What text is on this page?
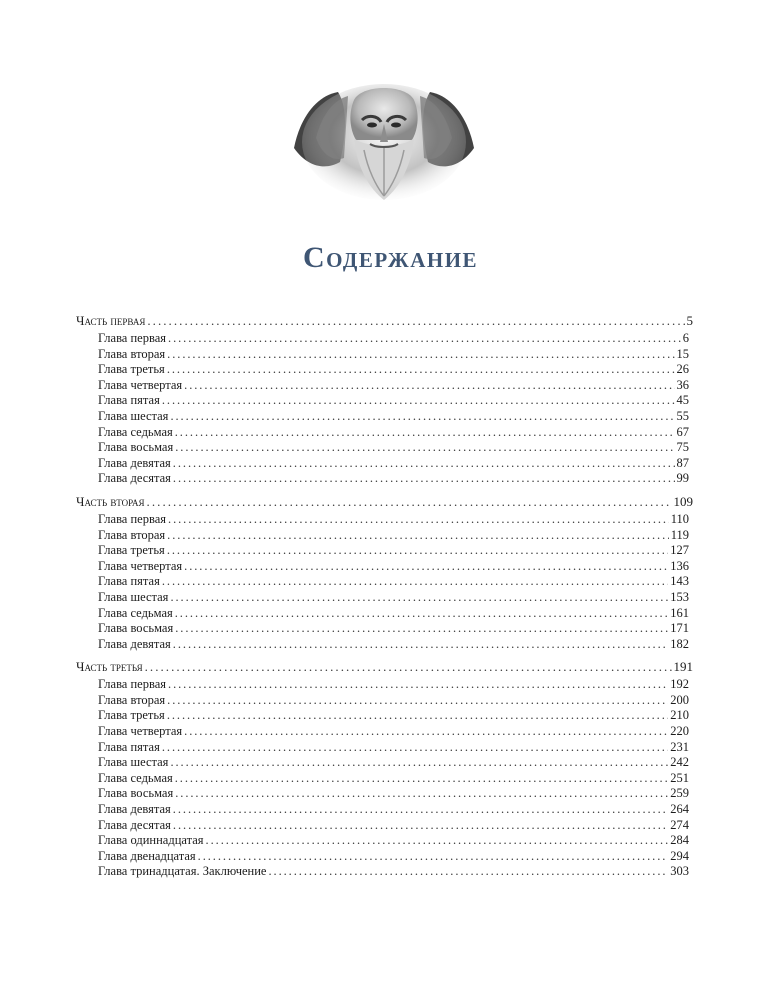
Содержание
Часть первая . . .	5
Глава первая . . .	6
Глава вторая . . .	15
Глава третья . . .	26
Глава четвертая . . .	36
Глава пятая . . .	45
Глава шестая . . .	55
Глава седьмая . . .	67
Глава восьмая . . .	75
Глава девятая . . .	87
Глава десятая . . .	99
Часть вторая . . .	109
Глава первая . . .	110
Глава вторая . . .	119
Глава третья . . .	127
Глава четвертая . . .	136
Глава пятая . . .	143
Глава шестая . . .	153
Глава седьмая . . .	161
Глава восьмая . . .	171
Глава девятая . . .	182
Часть третья . . .	191
Глава первая . . .	192
Глава вторая . . .	200
Глава третья . . .	210
Глава четвертая . . .	220
Глава пятая . . .	231
Глава шестая . . .	242
Глава седьмая . . .	251
Глава восьмая . . .	259
Глава девятая . . .	264
Глава десятая . . .	274
Глава одиннадцатая . . .	284
Глава двенадцатая . . .	294
Глава тринадцатая. Заключение . . .	303
